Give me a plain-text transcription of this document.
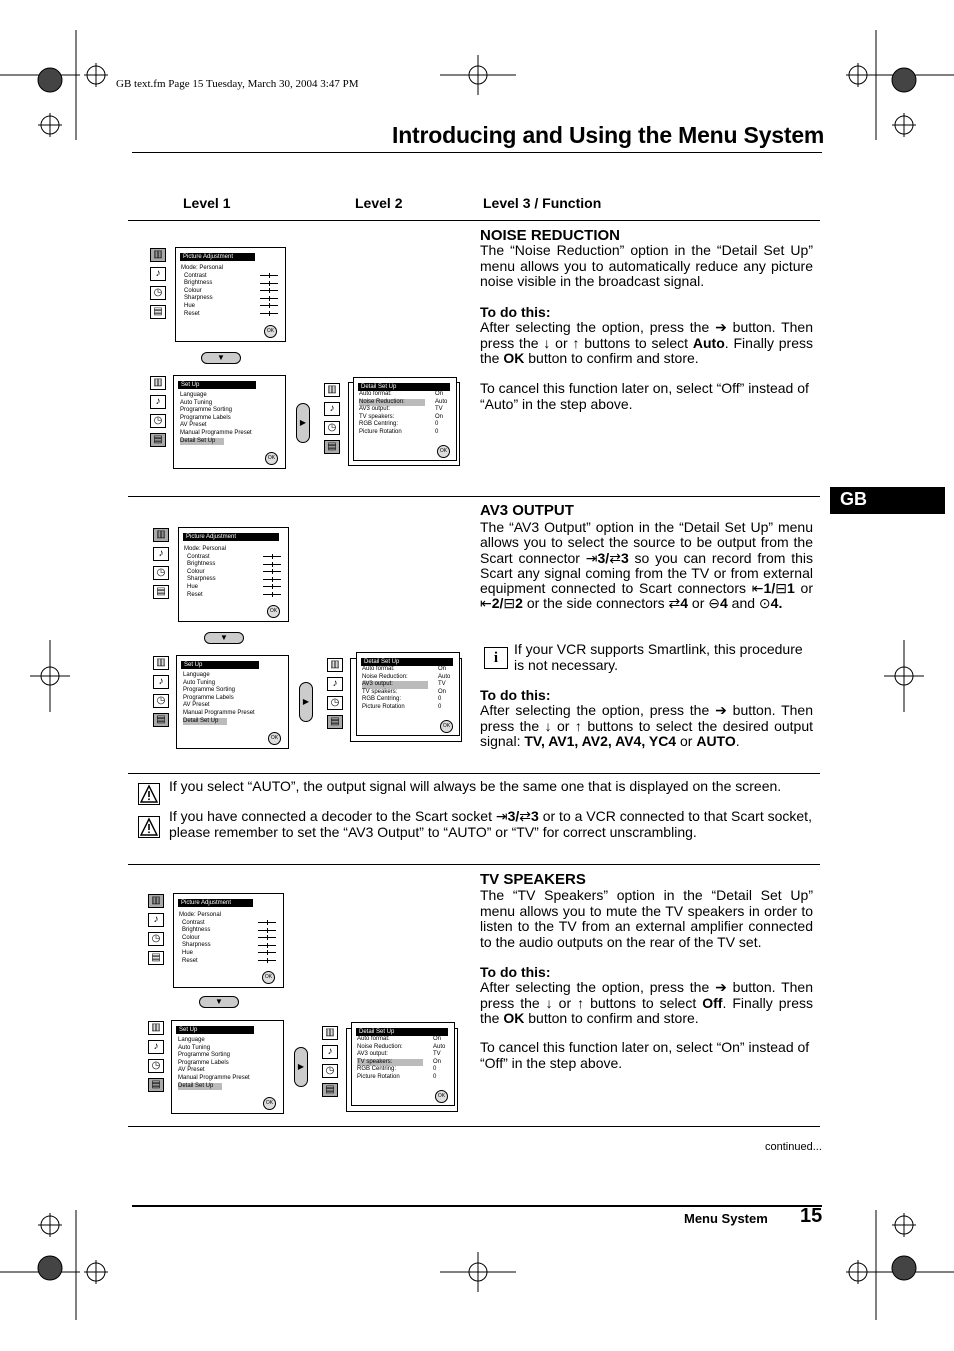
GB text.fm Page 15 Tuesday, March 30, 2004 3:47 PM
Introducing and Using the Menu System
Level 1	Level 2	Level 3 / Function
GB
▥
♪
◷
▤
Picture Adjustment
Mode: Personal
Contrast
Brightness
Colour
Sharpness
Hue
Reset
OK
▼
▥
♪
◷
▤
Set Up
Language
Auto Tuning
Programme Sorting
Programme Labels
AV Preset
Manual Programme Preset
Detail Set Up
OK
▶
▥
♪
◷
▤
Detail Set Up
Auto format:
Noise Reduction:
AV3 output:
TV speakers:
RGB Centring:
Picture Rotation
On
Auto
TV
On
0
0
OK
NOISE REDUCTION
The “Noise Reduction” option in the “Detail Set Up” menu allows you to automatically reduce any picture noise visible in the broadcast signal.
To do this:
After selecting the option, press the ➔ button. Then press the ↓ or ↑ buttons to select Auto. Finally press the OK button to confirm and store.
To cancel this function later on, select “Off” instead of “Auto” in the step above.
▥
♪
◷
▤
Picture Adjustment
Mode: Personal
Contrast
Brightness
Colour
Sharpness
Hue
Reset
OK
▼
▥
♪
◷
▤
Set Up
Language
Auto Tuning
Programme Sorting
Programme Labels
AV Preset
Manual Programme Preset
Detail Set Up
OK
▶
▥
♪
◷
▤
Detail Set Up
Auto format:
Noise Reduction:
AV3 output:
TV speakers:
RGB Centring:
Picture Rotation
On
Auto
TV
On
0
0
OK
AV3 OUTPUT
The “AV3 Output” option in the “Detail Set Up” menu allows you to select the source to be output from the Scart connector ⇥3/⇄3 so you can record from this Scart any signal coming from the TV or from external equipment connected to Scart connectors ⇤1/⊟1 or ⇤2/⊟2 or the side connectors ⇄4 or ⊖4 and ⊙4.
i
If your VCR supports Smartlink, this procedure is not necessary.
To do this:
After selecting the option, press the ➔ button. Then press the ↓ or ↑ buttons to select the desired output signal: TV, AV1, AV2, AV4, YC4 or AUTO.
If you select “AUTO”, the output signal will always be the same one that is displayed on the screen.
If you have connected a decoder to the Scart socket ⇥3/⇄3 or to a VCR connected to that Scart socket, please remember to set the “AV3 Output” to “AUTO” or “TV” for correct unscrambling.
▥
♪
◷
▤
Picture Adjustment
Mode: Personal
Contrast
Brightness
Colour
Sharpness
Hue
Reset
OK
▼
▥
♪
◷
▤
Set Up
Language
Auto Tuning
Programme Sorting
Programme Labels
AV Preset
Manual Programme Preset
Detail Set Up
OK
▶
▥
♪
◷
▤
Detail Set Up
Auto format:
Noise Reduction:
AV3 output:
TV speakers:
RGB Centring:
Picture Rotation
On
Auto
TV
On
0
0
OK
TV SPEAKERS
The “TV Speakers” option in the “Detail Set Up” menu allows you to mute the TV speakers in order to listen to the TV from an external amplifier connected to the audio outputs on the rear of the TV set.
To do this:
After selecting the option, press the ➔ button. Then press the ↓ or ↑ buttons to select Off. Finally press the OK button to confirm and store.
To cancel this function later on, select “On” instead of “Off” in the step above.
continued...
Menu System 15
